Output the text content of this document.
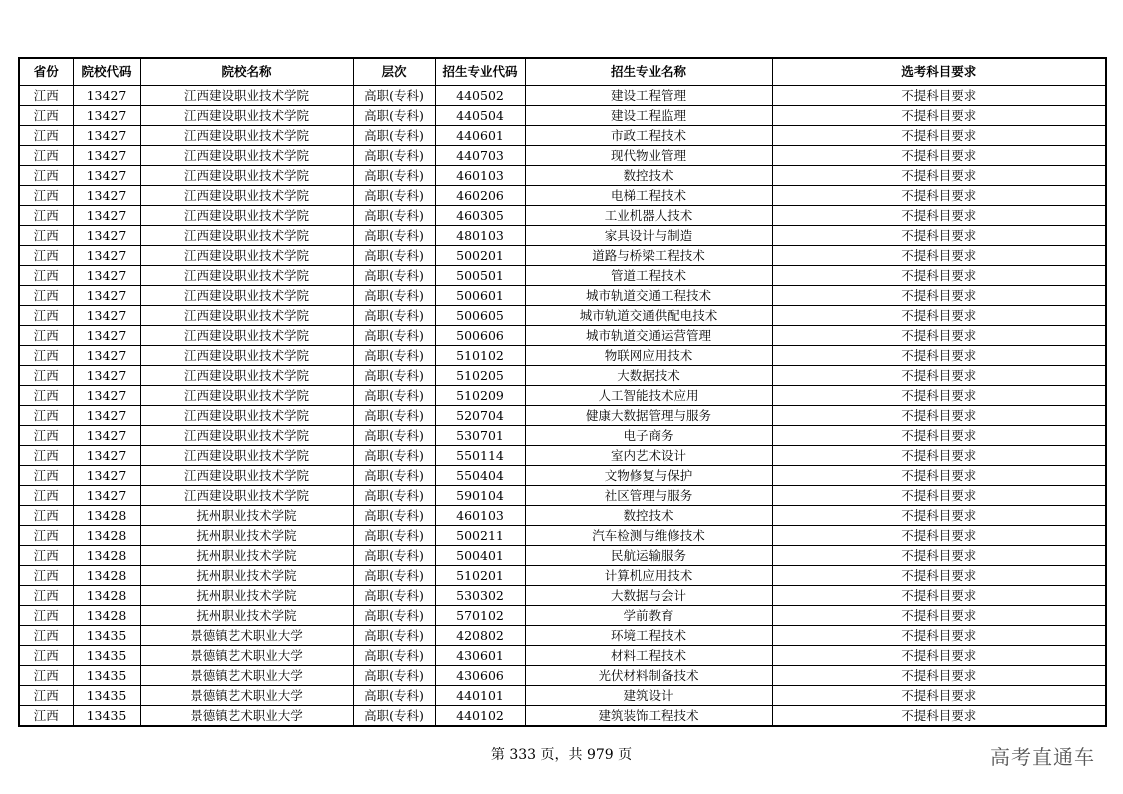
省份	院校代码	院校名称	层次	招生专业代码	招生专业名称	选考科目要求
江西	13427	江西建设职业技术学院	高职(专科)	440502	建设工程管理	不提科目要求
江西	13427	江西建设职业技术学院	高职(专科)	440504	建设工程监理	不提科目要求
江西	13427	江西建设职业技术学院	高职(专科)	440601	市政工程技术	不提科目要求
江西	13427	江西建设职业技术学院	高职(专科)	440703	现代物业管理	不提科目要求
江西	13427	江西建设职业技术学院	高职(专科)	460103	数控技术	不提科目要求
江西	13427	江西建设职业技术学院	高职(专科)	460206	电梯工程技术	不提科目要求
江西	13427	江西建设职业技术学院	高职(专科)	460305	工业机器人技术	不提科目要求
江西	13427	江西建设职业技术学院	高职(专科)	480103	家具设计与制造	不提科目要求
江西	13427	江西建设职业技术学院	高职(专科)	500201	道路与桥梁工程技术	不提科目要求
江西	13427	江西建设职业技术学院	高职(专科)	500501	管道工程技术	不提科目要求
江西	13427	江西建设职业技术学院	高职(专科)	500601	城市轨道交通工程技术	不提科目要求
江西	13427	江西建设职业技术学院	高职(专科)	500605	城市轨道交通供配电技术	不提科目要求
江西	13427	江西建设职业技术学院	高职(专科)	500606	城市轨道交通运营管理	不提科目要求
江西	13427	江西建设职业技术学院	高职(专科)	510102	物联网应用技术	不提科目要求
江西	13427	江西建设职业技术学院	高职(专科)	510205	大数据技术	不提科目要求
江西	13427	江西建设职业技术学院	高职(专科)	510209	人工智能技术应用	不提科目要求
江西	13427	江西建设职业技术学院	高职(专科)	520704	健康大数据管理与服务	不提科目要求
江西	13427	江西建设职业技术学院	高职(专科)	530701	电子商务	不提科目要求
江西	13427	江西建设职业技术学院	高职(专科)	550114	室内艺术设计	不提科目要求
江西	13427	江西建设职业技术学院	高职(专科)	550404	文物修复与保护	不提科目要求
江西	13427	江西建设职业技术学院	高职(专科)	590104	社区管理与服务	不提科目要求
江西	13428	抚州职业技术学院	高职(专科)	460103	数控技术	不提科目要求
江西	13428	抚州职业技术学院	高职(专科)	500211	汽车检测与维修技术	不提科目要求
江西	13428	抚州职业技术学院	高职(专科)	500401	民航运输服务	不提科目要求
江西	13428	抚州职业技术学院	高职(专科)	510201	计算机应用技术	不提科目要求
江西	13428	抚州职业技术学院	高职(专科)	530302	大数据与会计	不提科目要求
江西	13428	抚州职业技术学院	高职(专科)	570102	学前教育	不提科目要求
江西	13435	景德镇艺术职业大学	高职(专科)	420802	环境工程技术	不提科目要求
江西	13435	景德镇艺术职业大学	高职(专科)	430601	材料工程技术	不提科目要求
江西	13435	景德镇艺术职业大学	高职(专科)	430606	光伏材料制备技术	不提科目要求
江西	13435	景德镇艺术职业大学	高职(专科)	440101	建筑设计	不提科目要求
江西	13435	景德镇艺术职业大学	高职(专科)	440102	建筑装饰工程技术	不提科目要求
第 333 页，共 979 页	高考直通车
